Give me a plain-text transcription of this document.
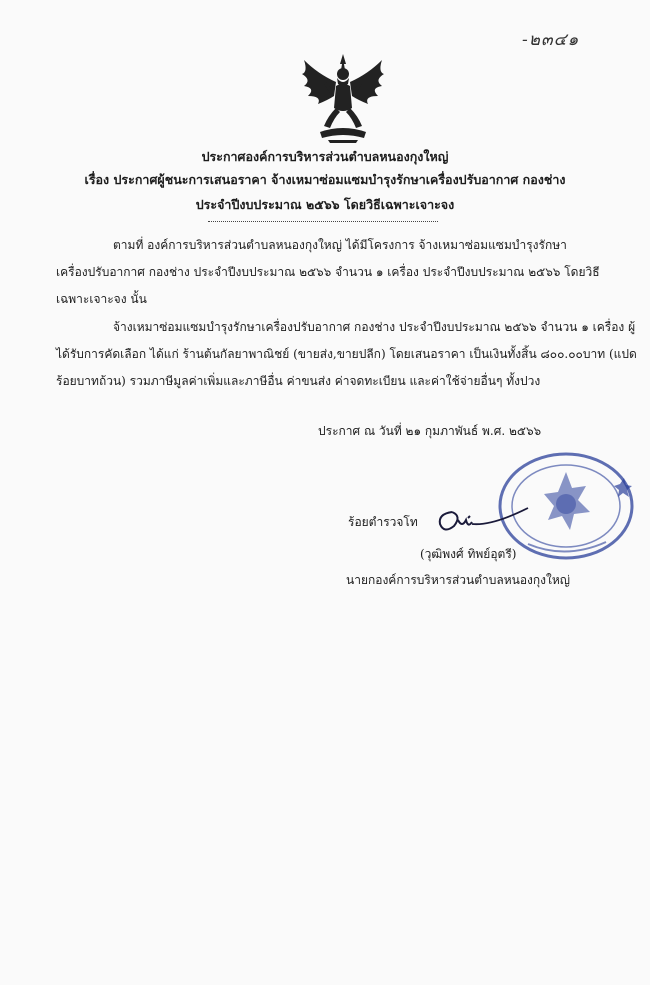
-๒๓๔๑
ประกาศองค์การบริหารส่วนตำบลหนองกุงใหญ่
เรื่อง ประกาศผู้ชนะการเสนอราคา จ้างเหมาซ่อมแซมบำรุงรักษาเครื่องปรับอากาศ กองช่าง
ประจำปีงบประมาณ ๒๕๖๖ โดยวิธีเฉพาะเจาะจง
ตามที่ องค์การบริหารส่วนตำบลหนองกุงใหญ่ ได้มีโครงการ จ้างเหมาซ่อมแซมบำรุงรักษา
เครื่องปรับอากาศ กองช่าง ประจำปีงบประมาณ ๒๕๖๖ จำนวน ๑ เครื่อง ประจำปีงบประมาณ ๒๕๖๖ โดยวิธี
เฉพาะเจาะจง นั้น
จ้างเหมาซ่อมแซมบำรุงรักษาเครื่องปรับอากาศ กองช่าง ประจำปีงบประมาณ ๒๕๖๖ จำนวน ๑ เครื่อง ผู้
ได้รับการคัดเลือก ได้แก่ ร้านต้นกัลยาพาณิชย์ (ขายส่ง,ขายปลีก) โดยเสนอราคา เป็นเงินทั้งสิ้น ๘๐๐.๐๐บาท (แปด
ร้อยบาทถ้วน) รวมภาษีมูลค่าเพิ่มและภาษีอื่น ค่าขนส่ง ค่าจดทะเบียน และค่าใช้จ่ายอื่นๆ ทั้งปวง
ประกาศ ณ วันที่ ๒๑ กุมภาพันธ์ พ.ศ. ๒๕๖๖
ร้อยตำรวจโท
(วุฒิพงศ์ ทิพย์อุตรี)
นายกองค์การบริหารส่วนตำบลหนองกุงใหญ่
